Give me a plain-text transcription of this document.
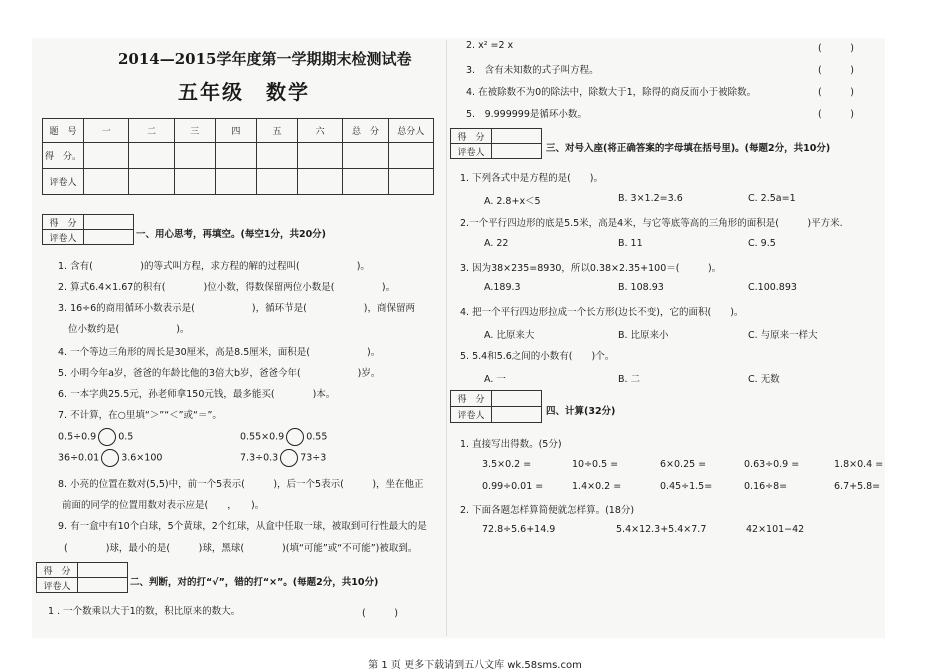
2014—2015学年度第一学期期末检测试卷
五年级　数学
题　号	一	二	三	四	五	六	总　分	总分人
得　分。								
评卷人								
得　分	
评卷人		一、用心思考，再填空。(每空1分，共20分)
1. 含有(　　　　　)的等式叫方程，求方程的解的过程叫(　　　　　　)。
2. 算式6.4×1.67的积有(　　　　)位小数，得数保留两位小数是(　　　　　)。
3. 16÷6的商用循环小数表示是(　　　　　　)，循环节是(　　　　　　)，商保留两
位小数约是(　　　　　　)。
4. 一个等边三角形的周长是30厘米，高是8.5厘米，面积是(　　　　　　)。
5. 小明今年a岁，爸爸的年龄比他的3倍大b岁，爸爸今年(　　　　　　)岁。
6. 一本字典25.5元，孙老师拿150元钱，最多能买(　　　　)本。
7. 不计算，在○里填“＞”“＜”或“＝”。
0.5÷0.9 0.5	0.55×0.9 0.55
36÷0.01 3.6×100	7.3÷0.3 73÷3
8. 小亮的位置在数对(5,5)中，前一个5表示(　　　)，后一个5表示(　　　)，坐在他正
前面的同学的位置用数对表示应是(　　，　　)。
9. 有一盒中有10个白球，5个黄球，2个红球，从盒中任取一球，被取到可行性最大的是
(　　　　)球，最小的是(　　　)球，黑球(　　　　)(填“可能”或“不可能”)被取到。
得　分	
评卷人		二、判断，对的打“√”，错的打“×”。(每题2分，共10分)
1 . 一个数乘以大于1的数，积比原来的数大。	(　　　)
2. x² =2 x	(　　　)
3.　含有未知数的式子叫方程。	(　　　)
4. 在被除数不为0的除法中，除数大于1，除得的商反而小于被除数。	(　　　)
5.　9.999999是循环小数。	(　　　)
得　分	
评卷人		三、对号入座(将正确答案的字母填在括号里)。(每题2分，共10分)
1. 下列各式中是方程的是(　　)。
A. 2.8+x＜5	B. 3×1.2=3.6	C. 2.5a=1
2.一个平行四边形的底是5.5米，高是4米，与它等底等高的三角形的面积是(　　　)平方米.
A. 22	B. 11	C. 9.5
3. 因为38×235=8930，所以0.38×2.35+100＝(　　　)。
A.189.3	B. 108.93	C.100.893
4. 把一个平行四边形拉成一个长方形(边长不变)，它的面积(　　)。
A. 比原来大	B. 比原来小	C. 与原来一样大
5. 5.4和5.6之间的小数有(　　)个。
A. 一	B. 二	C. 无数
得　分	
评卷人		四、计算(32分)
1. 直接写出得数。(5分)
3.5×0.2 =	10÷0.5 =	6×0.25 =	0.63÷0.9 =	1.8×0.4 =
0.99÷0.01 =	1.4×0.2 =	0.45÷1.5=	0.16÷8=	6.7+5.8=
2. 下面各题怎样算简便就怎样算。(18分)
72.8÷5.6+14.9	5.4×12.3+5.4×7.7	42×101−42
第 1 页 更多下载请到五八文库 wk.58sms.com
